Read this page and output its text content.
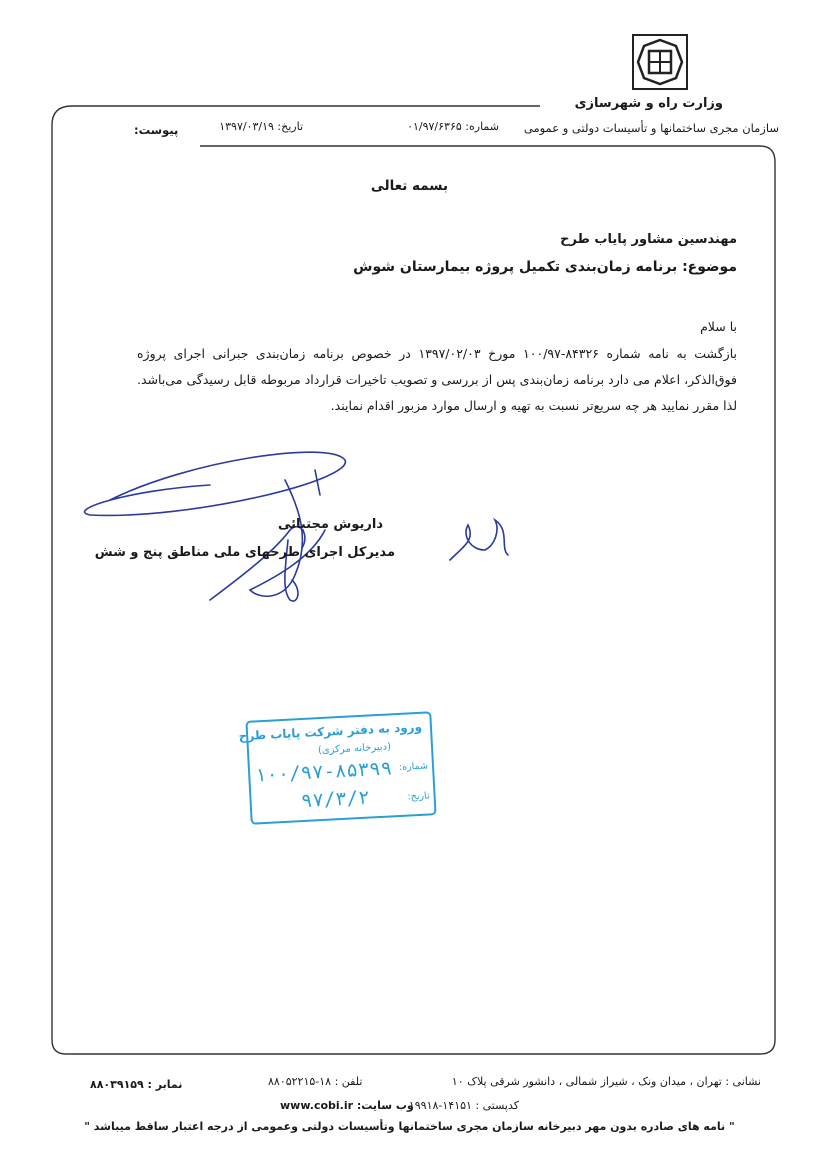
وزارت راه و شهرسازی
سازمان مجری ساختمانها و تأسیسات دولتی و عمومی
شماره: ۰۱/۹۷/۶۳۶۵
تاریخ: ۱۳۹۷/۰۳/۱۹
پیوست:
بسمه تعالی
مهندسین مشاور پایاب طرح
موضوع: برنامه زمان‌بندی تکمیل پروژه بیمارستان شوش
با سلام
بازگشت به نامه شماره ۸۴۳۲۶-۱۰۰/۹۷ مورخ ۱۳۹۷/۰۲/۰۳ در خصوص برنامه زمان‌بندی جبرانی اجرای پروژه فوق‌الذکر، اعلام می دارد برنامه زمان‌بندی پس از بررسی و تصویب تاخیرات قرارداد مربوطه قابل رسیدگی می‌باشد. لذا مقرر نمایید هر چه سریع‌تر نسبت به تهیه و ارسال موارد مزبور اقدام نمایند.
داریوش مجتبائی
مدیرکل اجرای طرحهای ملی مناطق پنج و شش
ورود به دفتر شرکت پایاب طرح
(دبیرخانه مرکزی)
شماره:
۱۰۰/۹۷-۸۵۳۹۹
تاریخ:
۹۷/۳/۲
نشانی : تهران ، میدان ونک ، شیراز شمالی ، دانشور شرقی پلاک ۱۰
تلفن : ۱۸-۸۸۰۵۲۲۱۵
نمابر : ۸۸۰۳۹۱۵۹
کدپستی : ۱۴۱۵۱-۱۹۹۱۸
وب سایت: www.cobi.ir
" نامه های صادره بدون مهر دبیرخانه سازمان مجری ساختمانها وتأسیسات دولتی وعمومی از درجه اعتبار ساقط میباشد "
